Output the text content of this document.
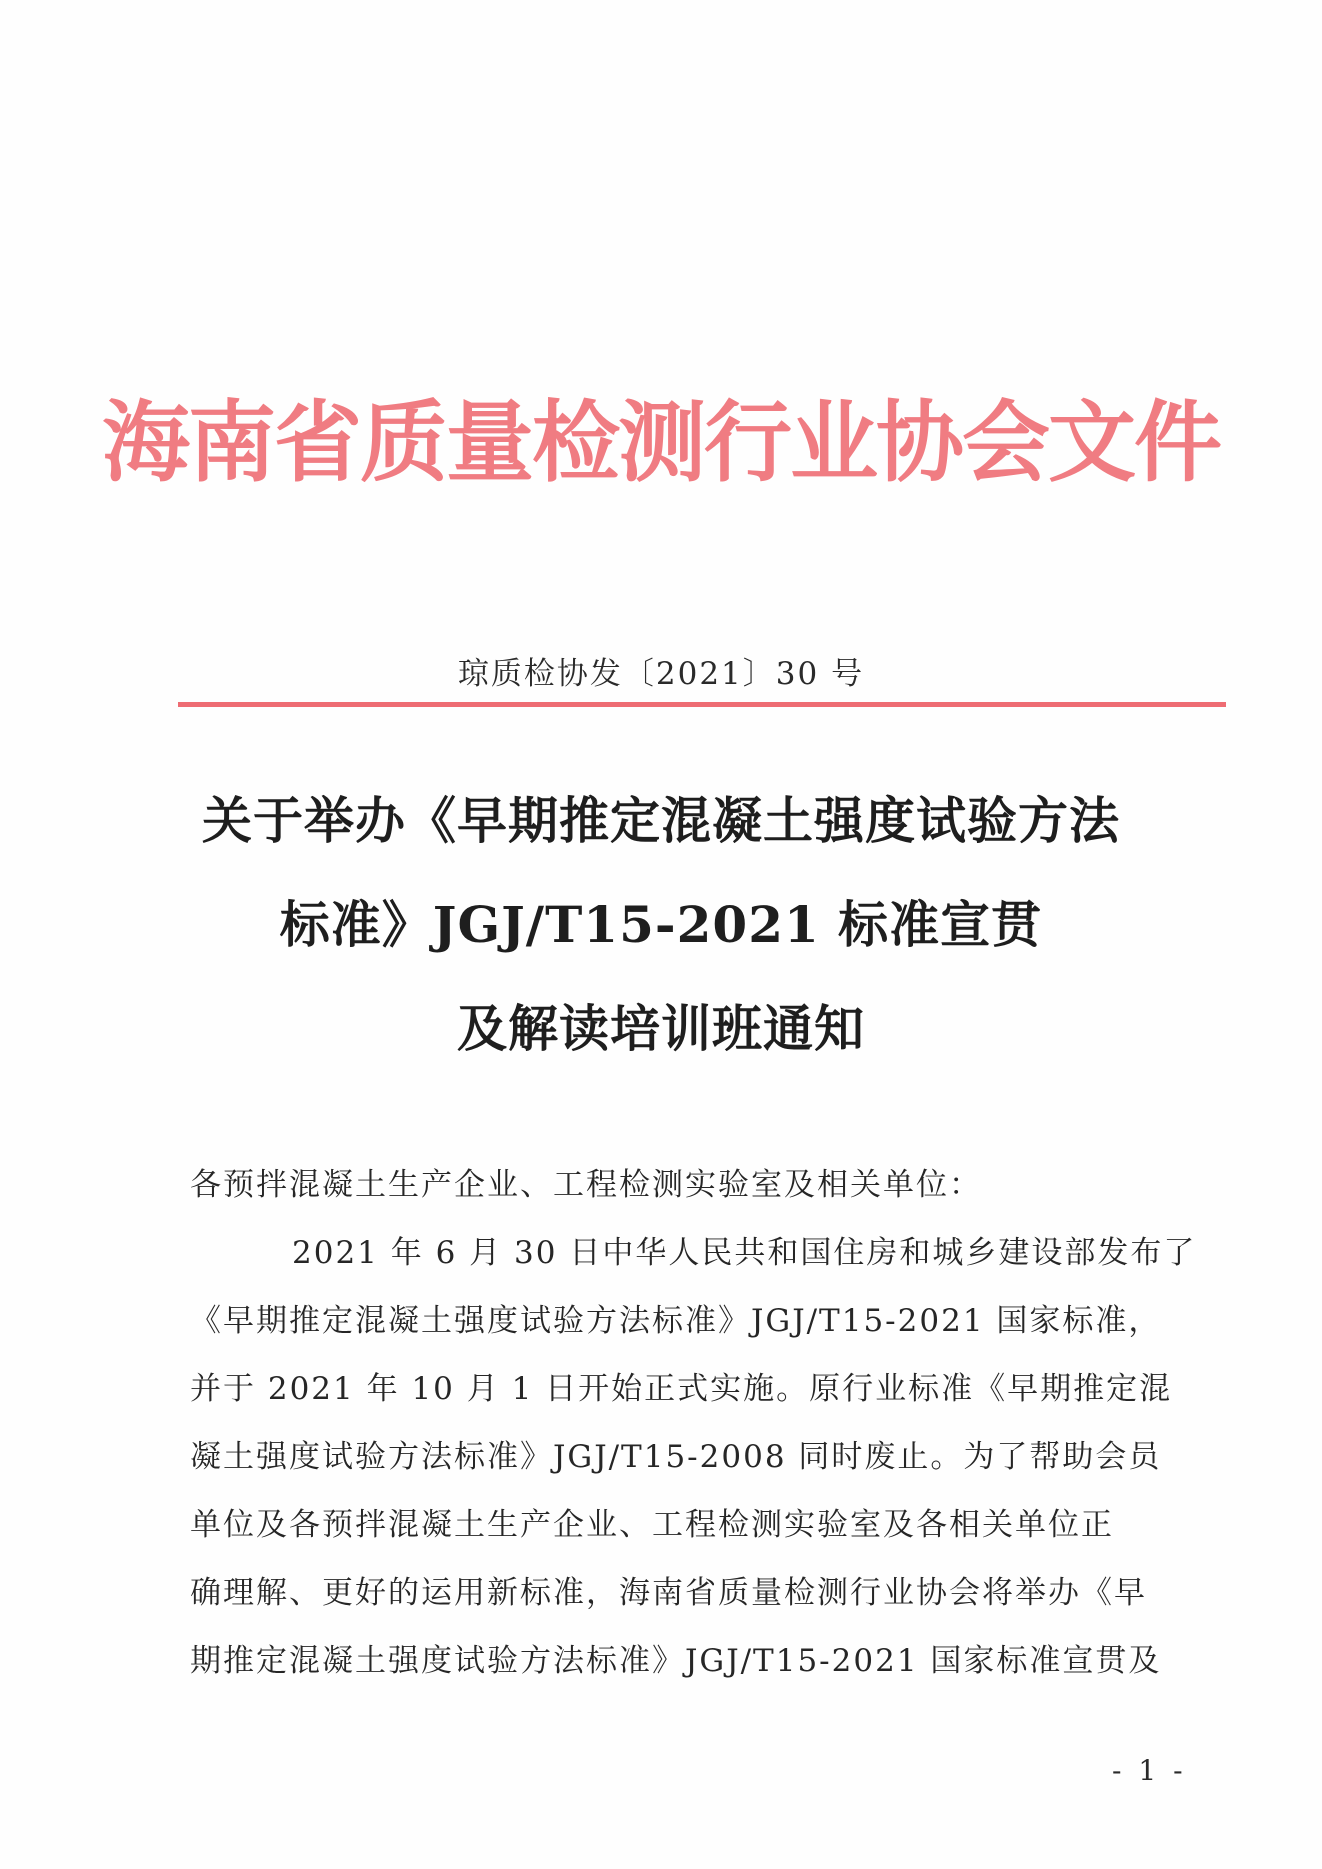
海南省质量检测行业协会文件
琼质检协发〔2021〕30 号
关于举办《早期推定混凝土强度试验方法
标准》JGJ/T15-2021 标准宣贯
及解读培训班通知
各预拌混凝土生产企业、工程检测实验室及相关单位：
2021 年 6 月 30 日中华人民共和国住房和城乡建设部发布了
《早期推定混凝土强度试验方法标准》JGJ/T15-2021 国家标准，
并于 2021 年 10 月 1 日开始正式实施。原行业标准《早期推定混
凝土强度试验方法标准》JGJ/T15-2008 同时废止。为了帮助会员
单位及各预拌混凝土生产企业、工程检测实验室及各相关单位正
确理解、更好的运用新标准，海南省质量检测行业协会将举办《早
期推定混凝土强度试验方法标准》JGJ/T15-2021 国家标准宣贯及
- 1 -
